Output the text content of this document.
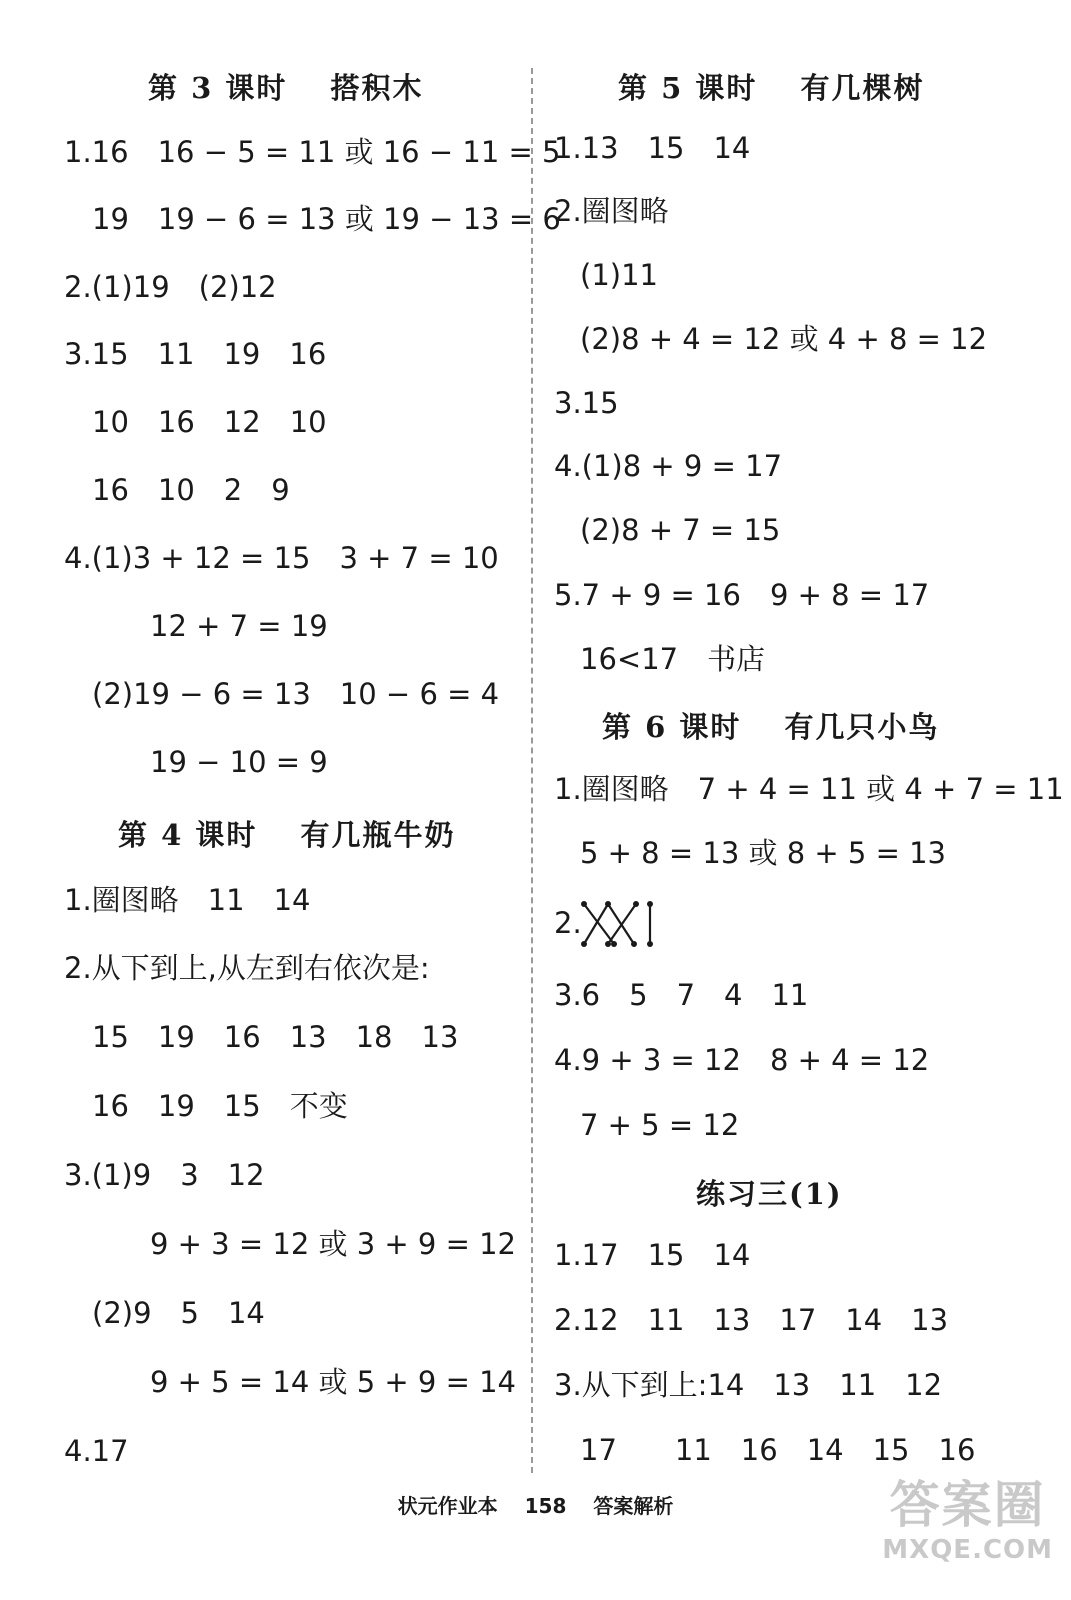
第 3 课时　 搭积木
1.16　16 − 5 = 11 或 16 − 11 = 5
19　19 − 6 = 13 或 19 − 13 = 6
2.(1)19　(2)12
3.15　11　19　16
10　16　12　10
16　10　2　9
4.(1)3 + 12 = 15　3 + 7 = 10
12 + 7 = 19
(2)19 − 6 = 13　10 − 6 = 4
19 − 10 = 9
第 4 课时　 有几瓶牛奶
1.圈图略　11　14
2.从下到上,从左到右依次是:
15　19　16　13　18　13
16　19　15　不变
3.(1)9　3　12
9 + 3 = 12 或 3 + 9 = 12
(2)9　5　14
9 + 5 = 14 或 5 + 9 = 14
4.17
第 5 课时　 有几棵树
1.13　15　14
2.圈图略
(1)11
(2)8 + 4 = 12 或 4 + 8 = 12
3.15
4.(1)8 + 9 = 17
(2)8 + 7 = 15
5.7 + 9 = 16　9 + 8 = 17
16<17　书店
第 6 课时　 有几只小鸟
1.圈图略　7 + 4 = 11 或 4 + 7 = 11
5 + 8 = 13 或 8 + 5 = 13
2.
3.6　5　7　4　11
4.9 + 3 = 12　8 + 4 = 12
7 + 5 = 12
练习三(1)
1.17　15　14
2.12　11　13　17　14　13
3.从下到上:14　13　11　12
17　　11　16　14　15　16
状元作业本 158 答案解析	答案圈
MXQE.COM
